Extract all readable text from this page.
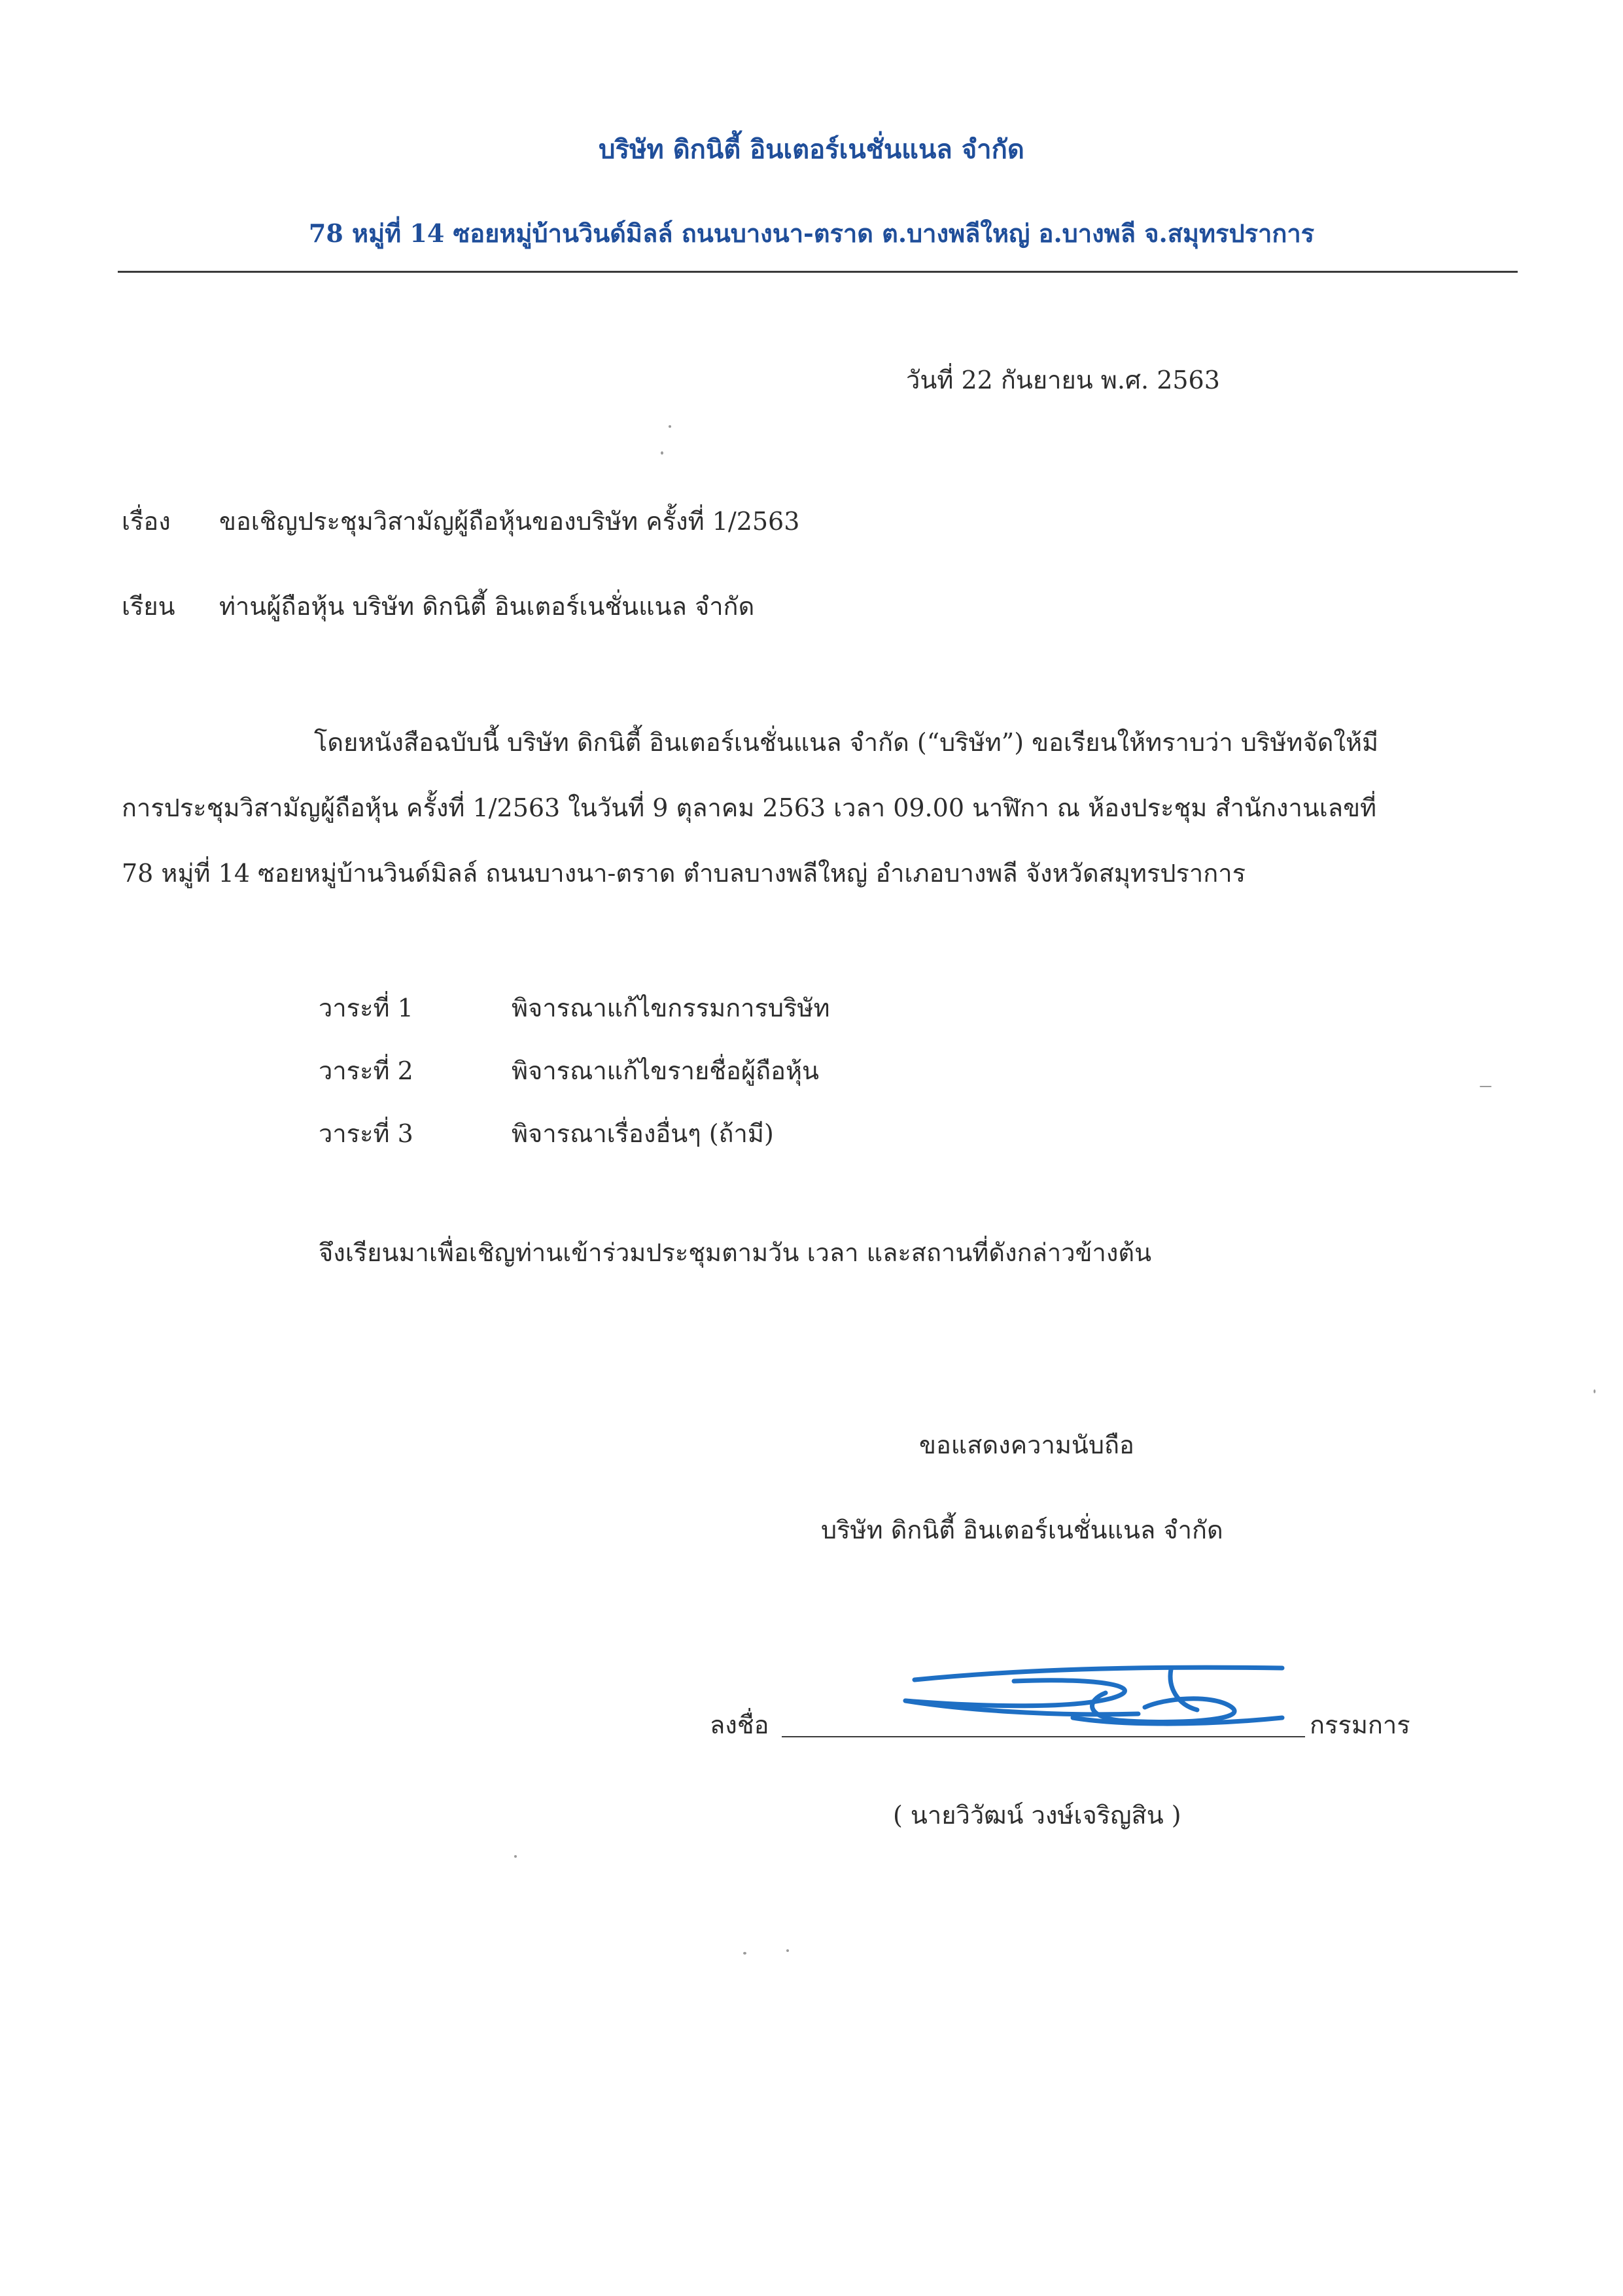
บริษัท ดิกนิตี้ อินเตอร์เนชั่นแนล จำกัด
78 หมู่ที่ 14 ซอยหมู่บ้านวินด์มิลล์ ถนนบางนา-ตราด ต.บางพลีใหญ่ อ.บางพลี จ.สมุทรปราการ
วันที่ 22 กันยายน พ.ศ. 2563
เรื่อง ขอเชิญประชุมวิสามัญผู้ถือหุ้นของบริษัท ครั้งที่ 1/2563
เรียน ท่านผู้ถือหุ้น บริษัท ดิกนิตี้ อินเตอร์เนชั่นแนล จำกัด
โดยหนังสือฉบับนี้ บริษัท ดิกนิตี้ อินเตอร์เนชั่นแนล จำกัด (“บริษัท”) ขอเรียนให้ทราบว่า บริษัทจัดให้มี
การประชุมวิสามัญผู้ถือหุ้น ครั้งที่ 1/2563 ในวันที่ 9 ตุลาคม 2563 เวลา 09.00 นาฬิกา ณ ห้องประชุม สำนักงานเลขที่
78 หมู่ที่ 14 ซอยหมู่บ้านวินด์มิลล์ ถนนบางนา-ตราด ตำบลบางพลีใหญ่ อำเภอบางพลี จังหวัดสมุทรปราการ
วาระที่ 1	พิจารณาแก้ไขกรรมการบริษัท
วาระที่ 2	พิจารณาแก้ไขรายชื่อผู้ถือหุ้น
วาระที่ 3	พิจารณาเรื่องอื่นๆ (ถ้ามี)
จึงเรียนมาเพื่อเชิญท่านเข้าร่วมประชุมตามวัน เวลา และสถานที่ดังกล่าวข้างต้น
ขอแสดงความนับถือ
บริษัท ดิกนิตี้ อินเตอร์เนชั่นแนล จำกัด
ลงชื่อ	กรรมการ
( นายวิวัฒน์ วงษ์เจริญสิน )
